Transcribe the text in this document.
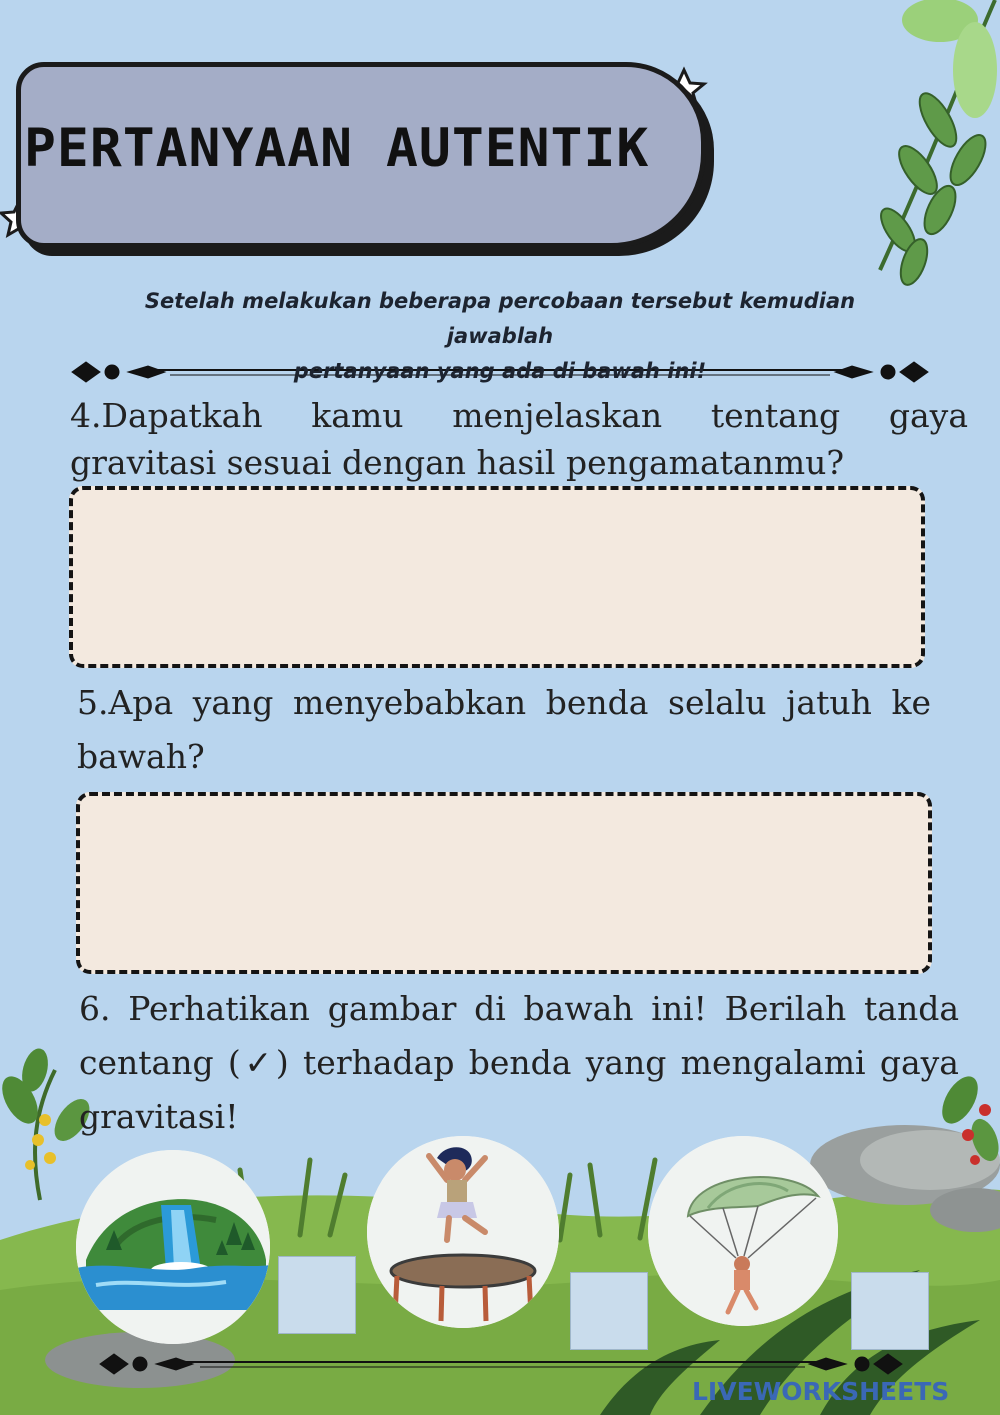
PERTANYAAN AUTENTIK
Setelah melakukan beberapa percobaan tersebut kemudian jawablah
pertanyaan yang ada di bawah ini!
4.Dapatkah kamu menjelaskan tentang gaya gravitasi sesuai dengan hasil pengamatanmu?
5.Apa yang menyebabkan benda selalu jatuh ke bawah?
6. Perhatikan gambar di bawah ini! Berilah tanda centang (✓) terhadap benda yang mengalami gaya gravitasi!
LIVEWORKSHEETS
